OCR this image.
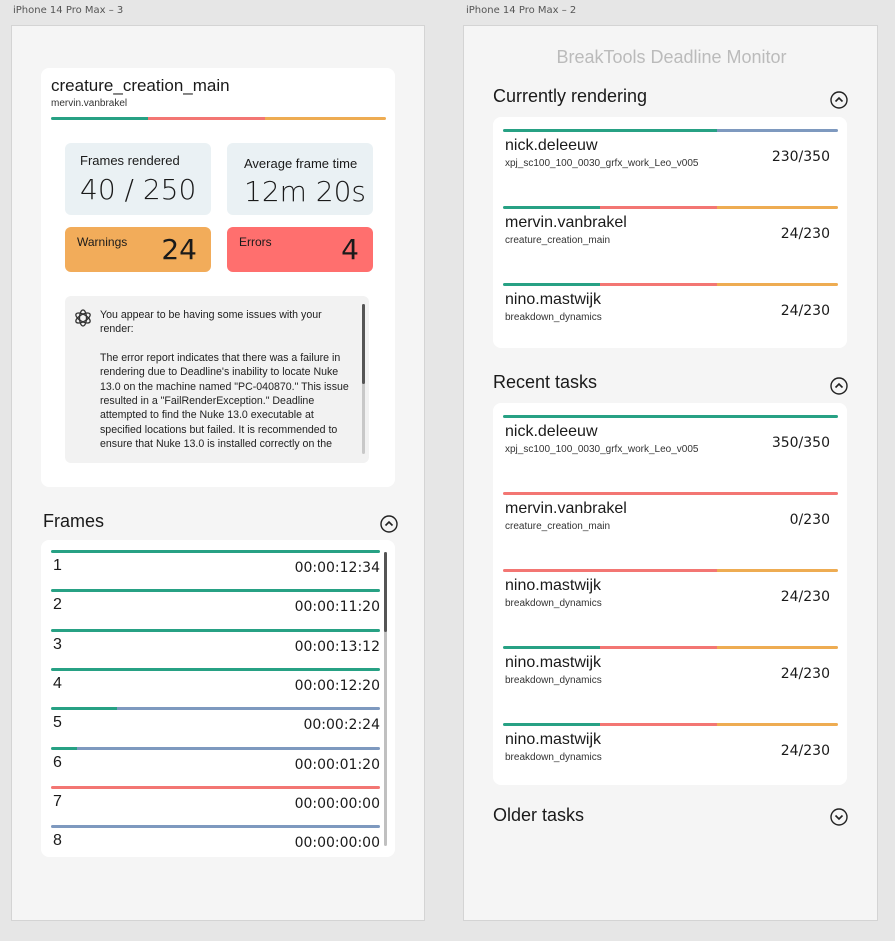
iPhone 14 Pro Max – 3	iPhone 14 Pro Max – 2
creature_creation_main
mervin.vanbrakel
Frames rendered
40 / 250
Average frame time
12m 20s
Warnings 24	Errors 4

You appear to be having some issues with your render:

The error report indicates that there was a failure in rendering due to Deadline's inability to locate Nuke 13.0 on the machine named "PC-040870." This issue resulted in a "FailRenderException." Deadline attempted to find the Nuke 13.0 executable at specified locations but failed. It is recommended to ensure that Nuke 13.0 is installed correctly on the

Frames
1	00:00:12:34
2	00:00:11:20
3	00:00:13:12
4	00:00:12:20
5	00:00:2:24
6	00:00:01:20
7	00:00:00:00
8	00:00:00:00
BreakTools Deadline Monitor
Currently rendering
nick.deleeuw
xpj_sc100_100_0030_grfx_work_Leo_v005	230/350
mervin.vanbrakel
creature_creation_main	24/230
nino.mastwijk
breakdown_dynamics	24/230
Recent tasks
nick.deleeuw
xpj_sc100_100_0030_grfx_work_Leo_v005	350/350
mervin.vanbrakel
creature_creation_main	0/230
nino.mastwijk
breakdown_dynamics	24/230
nino.mastwijk
breakdown_dynamics	24/230
nino.mastwijk
breakdown_dynamics	24/230
Older tasks
